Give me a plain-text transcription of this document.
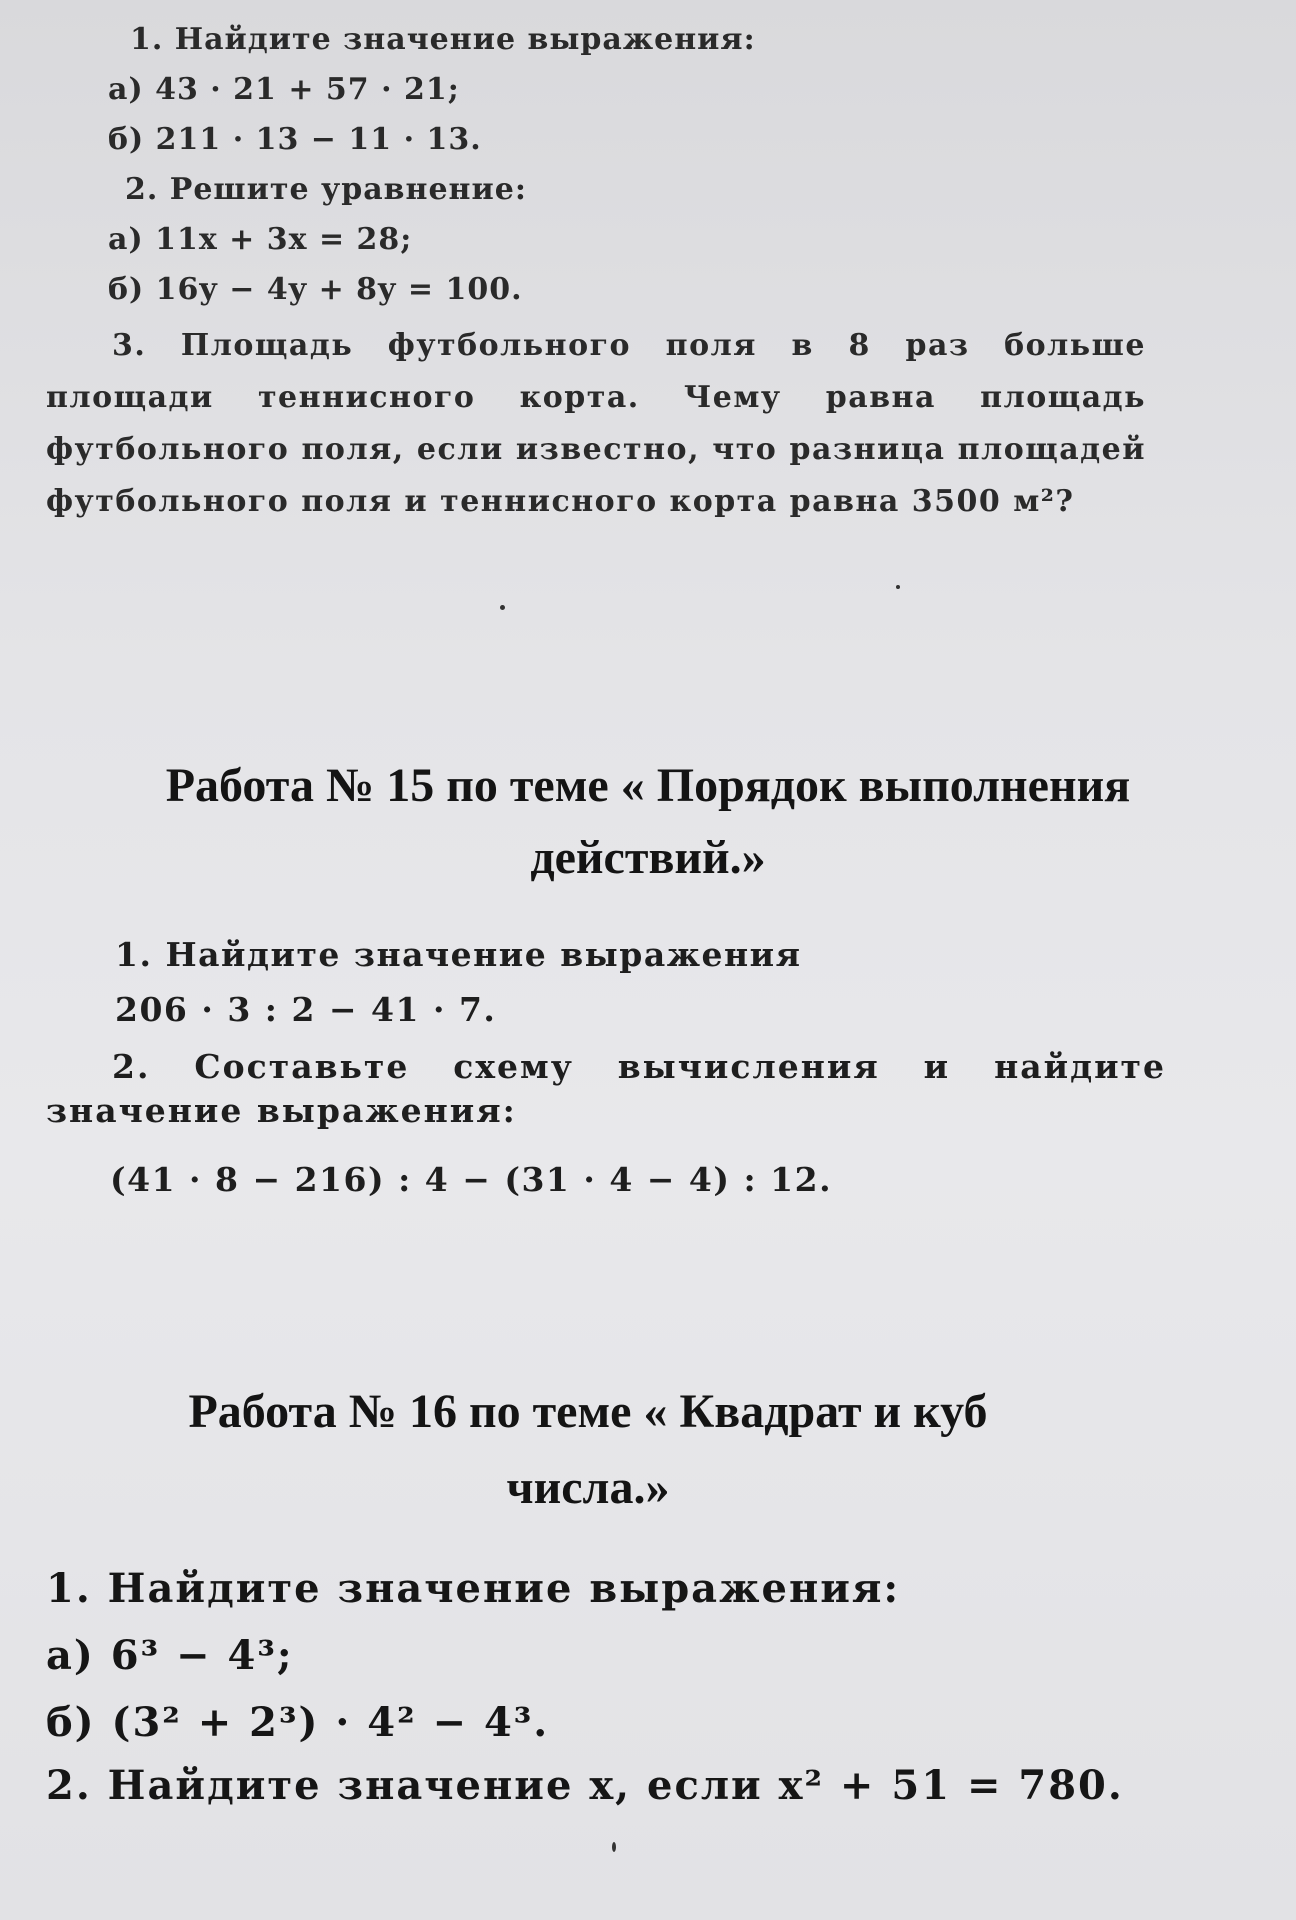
1. Найдите значение выражения:
а) 43 · 21 + 57 · 21;
б) 211 · 13 − 11 · 13.
2. Решите уравнение:
а) 11x + 3x = 28;
б) 16y − 4y + 8y = 100.
3. Площадь футбольного поля в 8 раз больше площади теннисного корта. Чему равна площадь футбольного поля, если известно, что разница площадей футбольного поля и теннисного корта равна 3500 м²?
Работа № 15 по теме « Порядок выполнения
действий.»
1. Найдите значение выражения
206 · 3 : 2 − 41 · 7.
2. Составьте схему вычисления и найдите значение выражения:
(41 · 8 − 216) : 4 − (31 · 4 − 4) : 12.
Работа № 16 по теме « Квадрат и куб
числа.»
1. Найдите значение выражения:
а) 6³ − 4³;
б) (3² + 2³) · 4² − 4³.
2. Найдите значение x, если x² + 51 = 780.
